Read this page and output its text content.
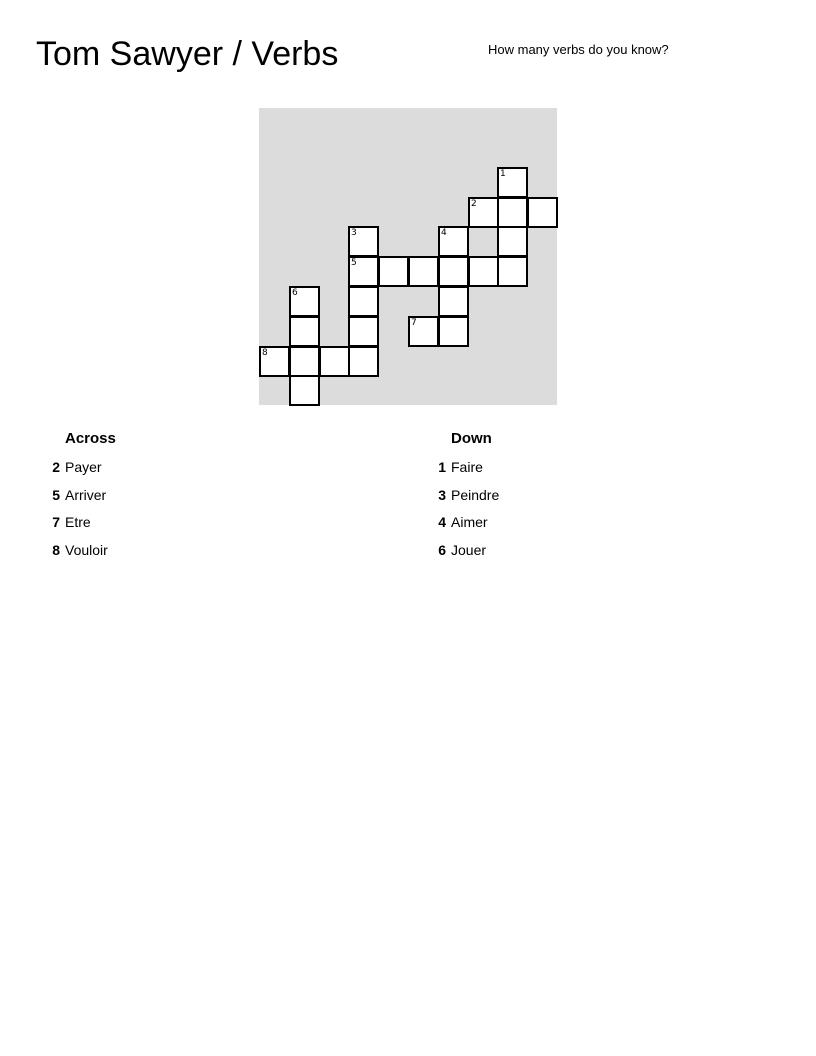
Tom Sawyer / Verbs	How many verbs do you know?
1
2
3	4
5
6
7
8
Across
2 Payer
5 Arriver
7 Etre
8 Vouloir
Down
1 Faire
3 Peindre
4 Aimer
6 Jouer
